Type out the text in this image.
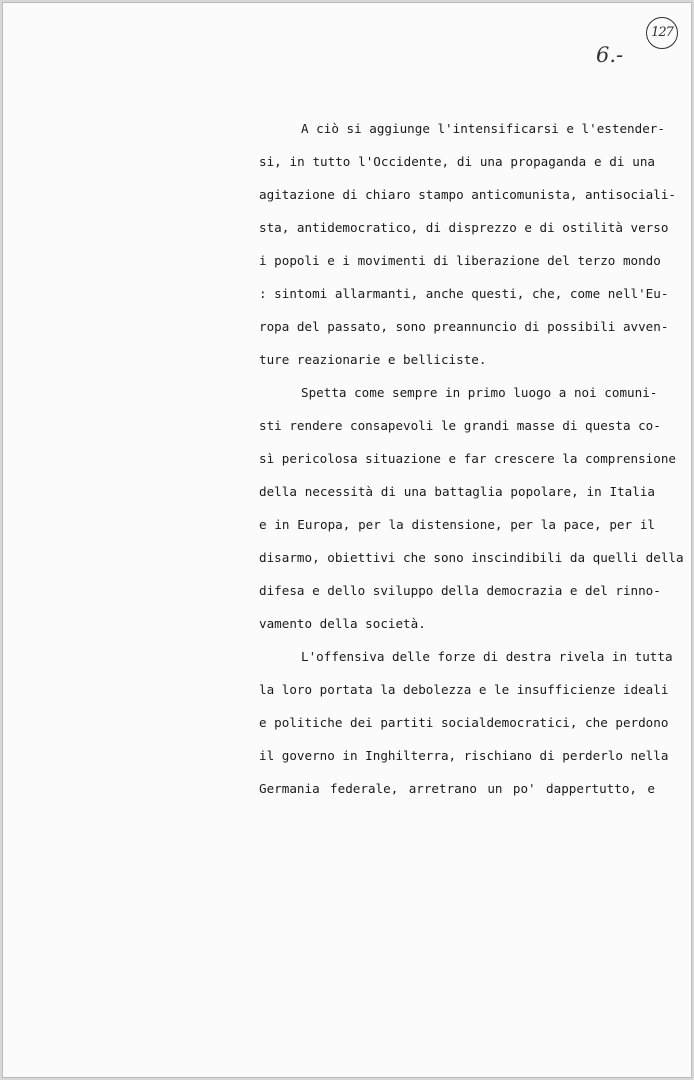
127
6.-
A ciò si aggiunge l'intensificarsi e l'estender-
si, in tutto l'Occidente, di una propaganda e di una
agitazione di chiaro stampo anticomunista, antisociali-
sta, antidemocratico, di disprezzo e di ostilità verso
i popoli e i movimenti di liberazione del terzo mondo
: sintomi allarmanti, anche questi, che, come nell'Eu-
ropa del passato, sono preannuncio di possibili avven-
ture reazionarie e belliciste.
Spetta come sempre in primo luogo a noi comuni-
sti rendere consapevoli le grandi masse di questa co-
sì pericolosa situazione e far crescere la comprensione
della necessità di una battaglia popolare, in Italia
e in Europa, per la distensione, per la pace, per il
disarmo, obiettivi che sono inscindibili da quelli della
difesa e dello sviluppo della democrazia e del rinno-
vamento della società.
L'offensiva delle forze di destra rivela in tutta
la loro portata la debolezza e le insufficienze ideali
e politiche dei partiti socialdemocratici, che perdono
il governo in Inghilterra, rischiano di perderlo nella
Germania federale, arretrano un po' dappertutto, e
